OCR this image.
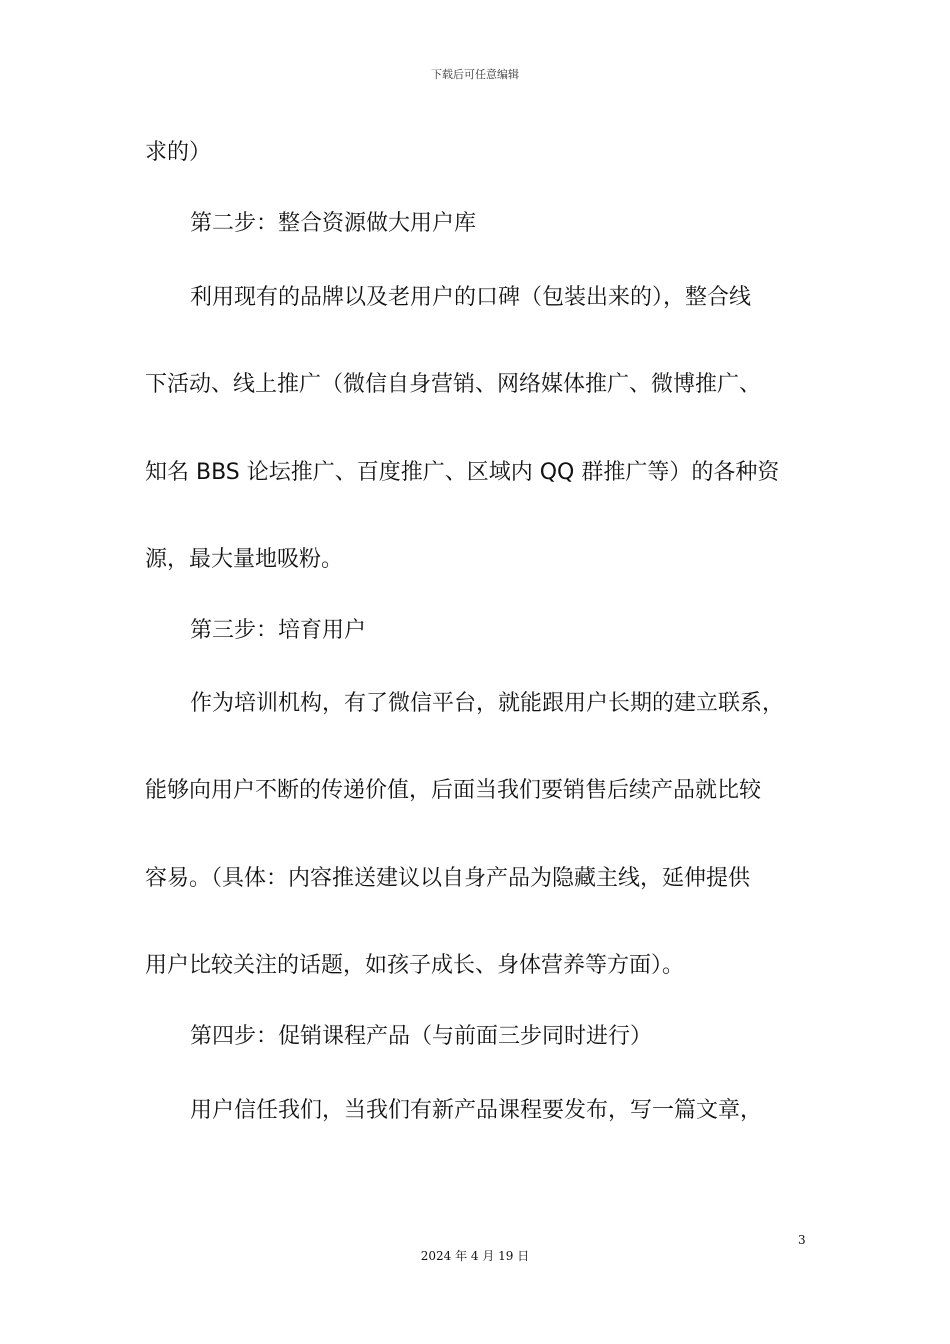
下载后可任意编辑
求的）
第二步：整合资源做大用户库
利用现有的品牌以及老用户的口碑（包装出来的），整合线
下活动、线上推广（微信自身营销、网络媒体推广、微博推广、
知名 BBS 论坛推广、百度推广、区域内 QQ 群推广等）的各种资
源，最大量地吸粉。
第三步：培育用户
作为培训机构，有了微信平台，就能跟用户长期的建立联系，
能够向用户不断的传递价值，后面当我们要销售后续产品就比较
容易。（具体：内容推送建议以自身产品为隐藏主线，延伸提供
用户比较关注的话题，如孩子成长、身体营养等方面）。
第四步：促销课程产品（与前面三步同时进行）
用户信任我们，当我们有新产品课程要发布，写一篇文章，
3
2024 年 4 月 19 日
